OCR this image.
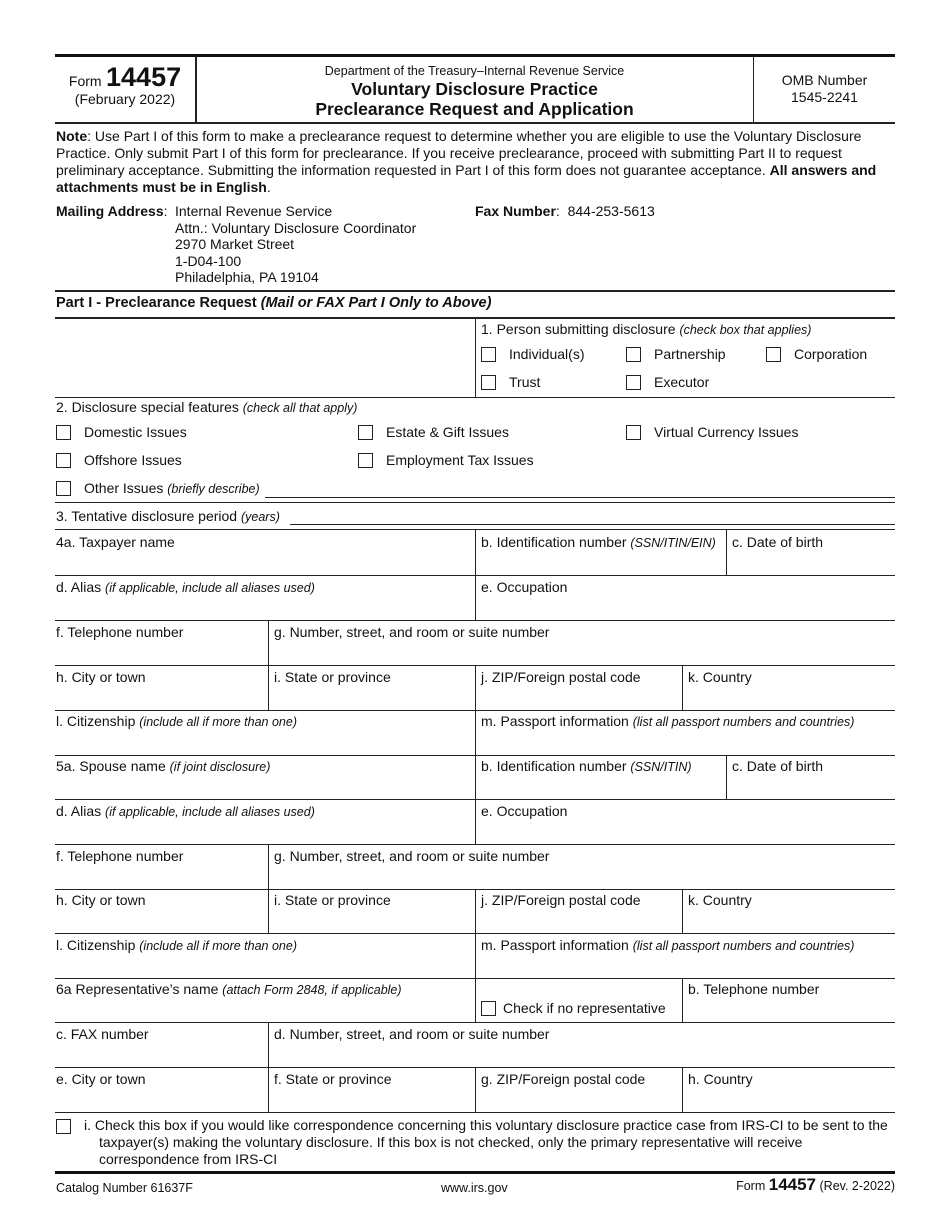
Form 14457
(February 2022)
Department of the Treasury–Internal Revenue Service
Voluntary Disclosure Practice
Preclearance Request and Application
OMB Number
1545-2241
Note: Use Part I of this form to make a preclearance request to determine whether you are eligible to use the Voluntary Disclosure Practice. Only submit Part I of this form for preclearance. If you receive preclearance, proceed with submitting Part II to request preliminary acceptance. Submitting the information requested in Part I of this form does not guarantee acceptance. All answers and attachments must be in English.
Mailing Address: Internal Revenue Service
Attn.: Voluntary Disclosure Coordinator
2970 Market Street
1-D04-100
Philadelphia, PA 19104
Fax Number:  844-253-5613
Part I - Preclearance Request (Mail or FAX Part I Only to Above)
1. Person submitting disclosure (check box that applies)
Individual(s)	Partnership	Corporation
Trust	Executor
2. Disclosure special features (check all that apply)
Domestic Issues	Estate & Gift Issues	Virtual Currency Issues
Offshore Issues	Employment Tax Issues
Other Issues (briefly describe)
3. Tentative disclosure period (years)
4a. Taxpayer name	b. Identification number (SSN/ITIN/EIN) c. Date of birth
d. Alias (if applicable, include all aliases used)	e. Occupation
f. Telephone number	g. Number, street, and room or suite number
h. City or town	i. State or province	j. ZIP/Foreign postal code	k. Country
l. Citizenship (include all if more than one)	m. Passport information (list all passport numbers and countries)
5a. Spouse name (if joint disclosure)	b. Identification number (SSN/ITIN)	c. Date of birth
d. Alias (if applicable, include all aliases used)	e. Occupation
f. Telephone number	g. Number, street, and room or suite number
h. City or town	i. State or province	j. ZIP/Foreign postal code	k. Country
l. Citizenship (include all if more than one)	m. Passport information (list all passport numbers and countries)
6a Representative’s name (attach Form 2848, if applicable)
Check if no representative
b. Telephone number
c. FAX number	d. Number, street, and room or suite number
e. City or town	f. State or province	g. ZIP/Foreign postal code	h. Country
i. Check this box if you would like correspondence concerning this voluntary disclosure practice case from IRS-CI to be sent to the
taxpayer(s) making the voluntary disclosure. If this box is not checked, only the primary representative will receive
correspondence from IRS-CI
Catalog Number 61637F	www.irs.gov	Form 14457 (Rev. 2-2022)
